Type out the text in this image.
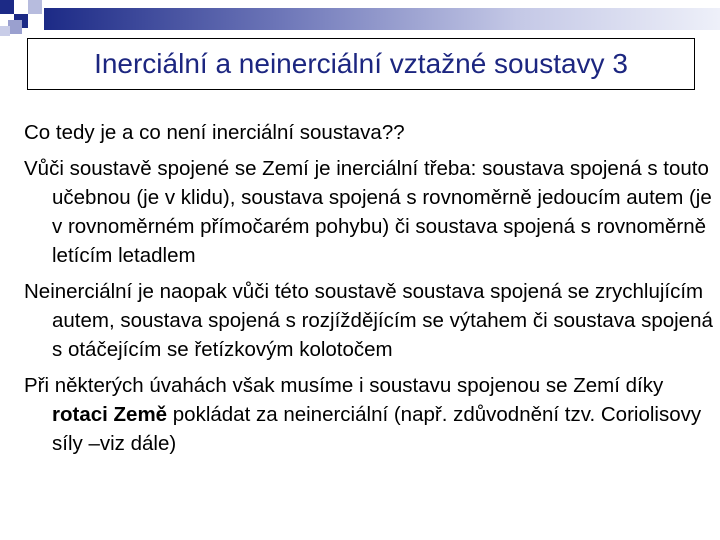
Inerciální a neinerciální vztažné soustavy 3

Co tedy je a co není inerciální soustava??

Vůči soustavě spojené se Zemí je inerciální třeba: soustava spojená s touto učebnou (je v klidu), soustava spojená s rovnoměrně jedoucím autem (je v rovnoměrném přímočarém pohybu) či soustava spojená s rovnoměrně letícím letadlem

Neinerciální je naopak vůči této soustavě soustava spojená se zrychlujícím autem, soustava spojená s rozjíždějícím se výtahem či soustava spojená s otáčejícím se řetízkovým kolotočem

Při některých úvahách však musíme i soustavu spojenou se Zemí díky rotaci Země pokládat za neinerciální (např. zdůvodnění tzv. Coriolisovy síly –viz dále)
